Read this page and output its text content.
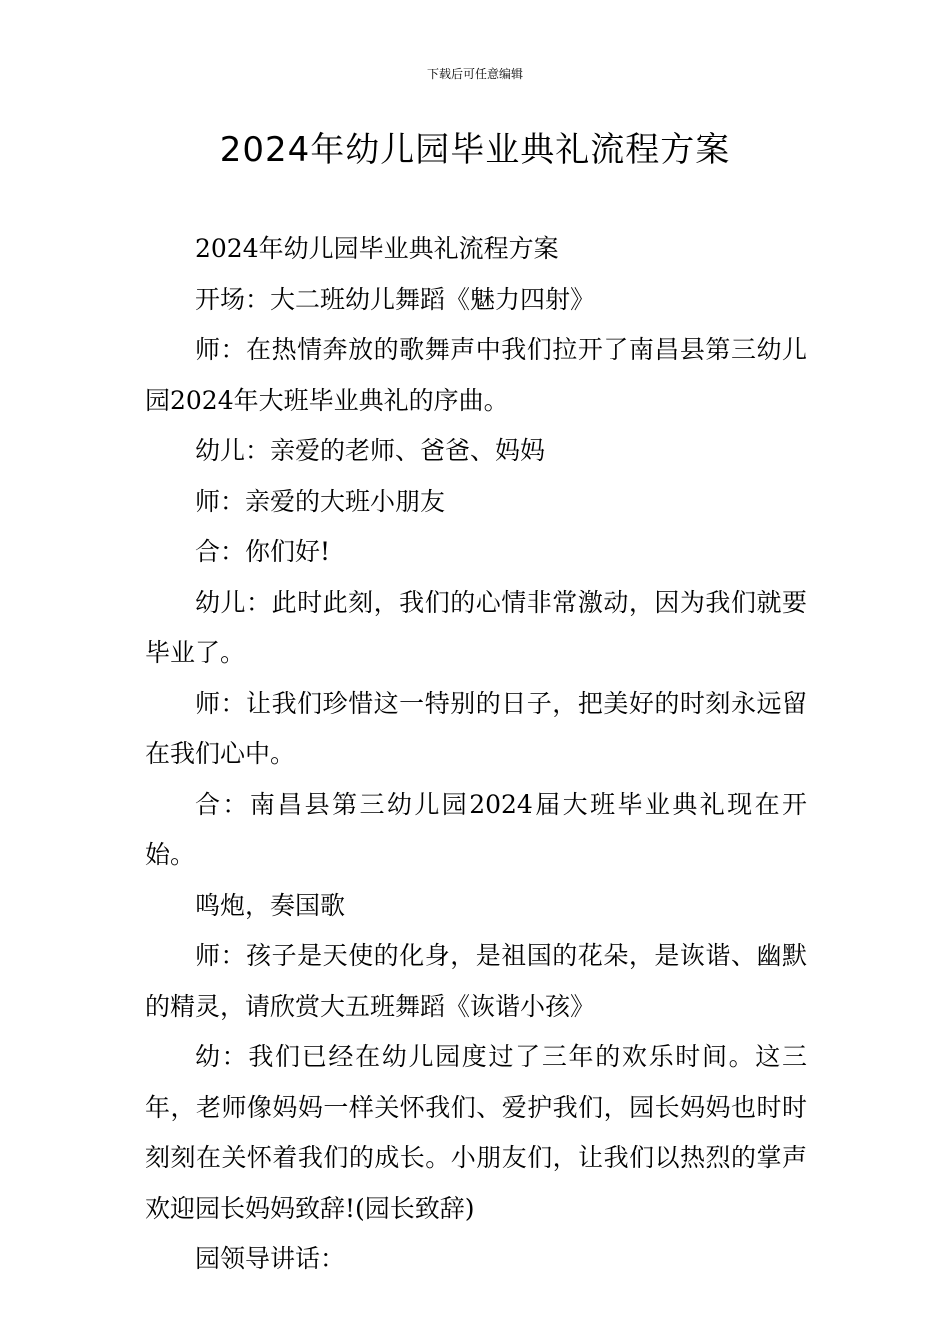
下载后可任意编辑
2024年幼儿园毕业典礼流程方案

2024年幼儿园毕业典礼流程方案

开场：大二班幼儿舞蹈《魅力四射》

师：在热情奔放的歌舞声中我们拉开了南昌县第三幼儿园2024年大班毕业典礼的序曲。

幼儿：亲爱的老师、爸爸、妈妈

师：亲爱的大班小朋友

合：你们好!

幼儿：此时此刻，我们的心情非常激动，因为我们就要毕业了。

师：让我们珍惜这一特别的日子，把美好的时刻永远留在我们心中。

合：南昌县第三幼儿园2024届大班毕业典礼现在开始。

鸣炮，奏国歌

师：孩子是天使的化身，是祖国的花朵，是诙谐、幽默的精灵，请欣赏大五班舞蹈《诙谐小孩》

幼：我们已经在幼儿园度过了三年的欢乐时间。这三年，老师像妈妈一样关怀我们、爱护我们，园长妈妈也时时刻刻在关怀着我们的成长。小朋友们，让我们以热烈的掌声欢迎园长妈妈致辞!(园长致辞)

园领导讲话：
